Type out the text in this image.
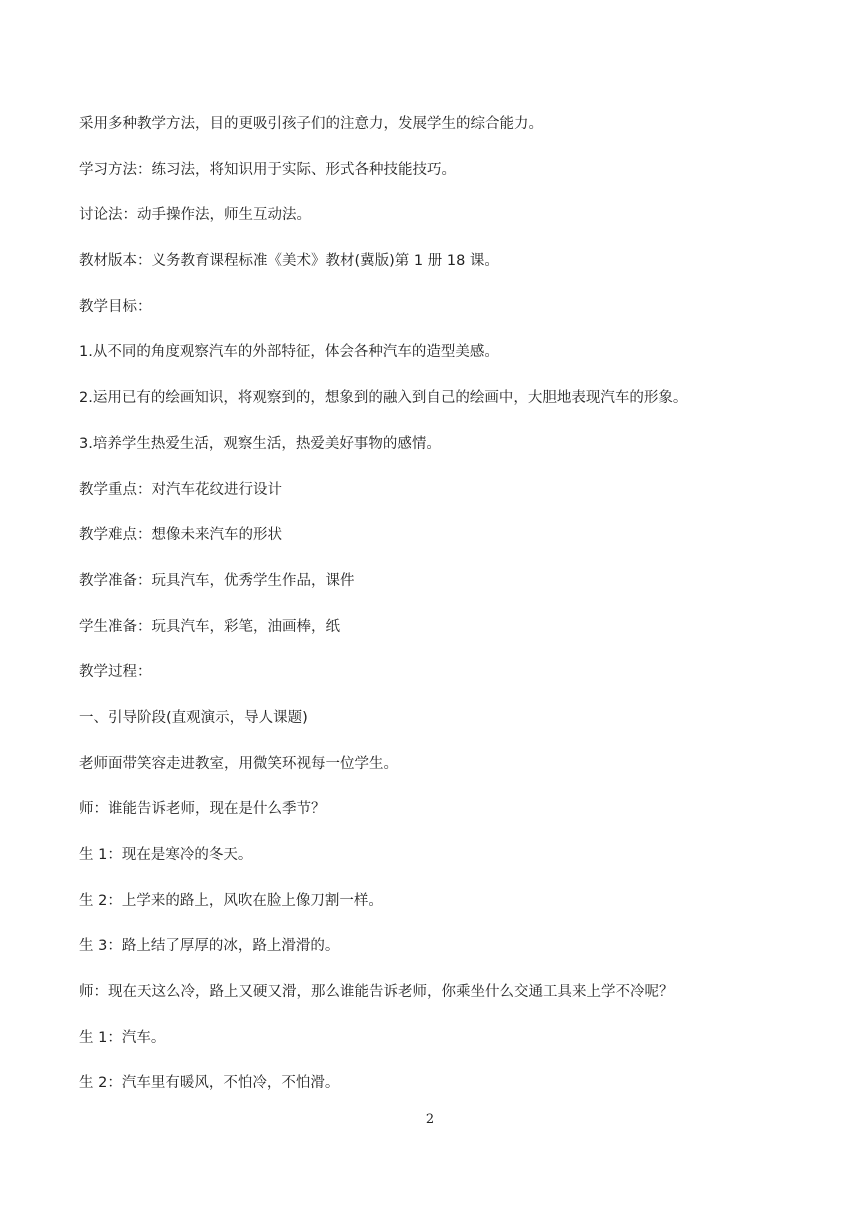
采用多种教学方法，目的更吸引孩子们的注意力，发展学生的综合能力。

学习方法：练习法，将知识用于实际、形式各种技能技巧。

讨论法：动手操作法，师生互动法。

教材版本：义务教育课程标准《美术》教材(冀版)第 1 册 18 课。

教学目标：

1.从不同的角度观察汽车的外部特征，体会各种汽车的造型美感。

2.运用已有的绘画知识，将观察到的，想象到的融入到自己的绘画中，大胆地表现汽车的形象。

3.培养学生热爱生活，观察生活，热爱美好事物的感情。

教学重点：对汽车花纹进行设计

教学难点：想像未来汽车的形状

教学准备：玩具汽车，优秀学生作品，课件

学生准备：玩具汽车，彩笔，油画棒，纸

教学过程：

一、引导阶段(直观演示，导人课题)

老师面带笑容走进教室，用微笑环视每一位学生。

师：谁能告诉老师，现在是什么季节？

生 1：现在是寒冷的冬天。

生 2：上学来的路上，风吹在脸上像刀割一样。

生 3：路上结了厚厚的冰，路上滑滑的。

师：现在天这么冷，路上又硬又滑，那么谁能告诉老师，你乘坐什么交通工具来上学不冷呢？

生 1：汽车。

生 2：汽车里有暖风，不怕冷，不怕滑。

2
